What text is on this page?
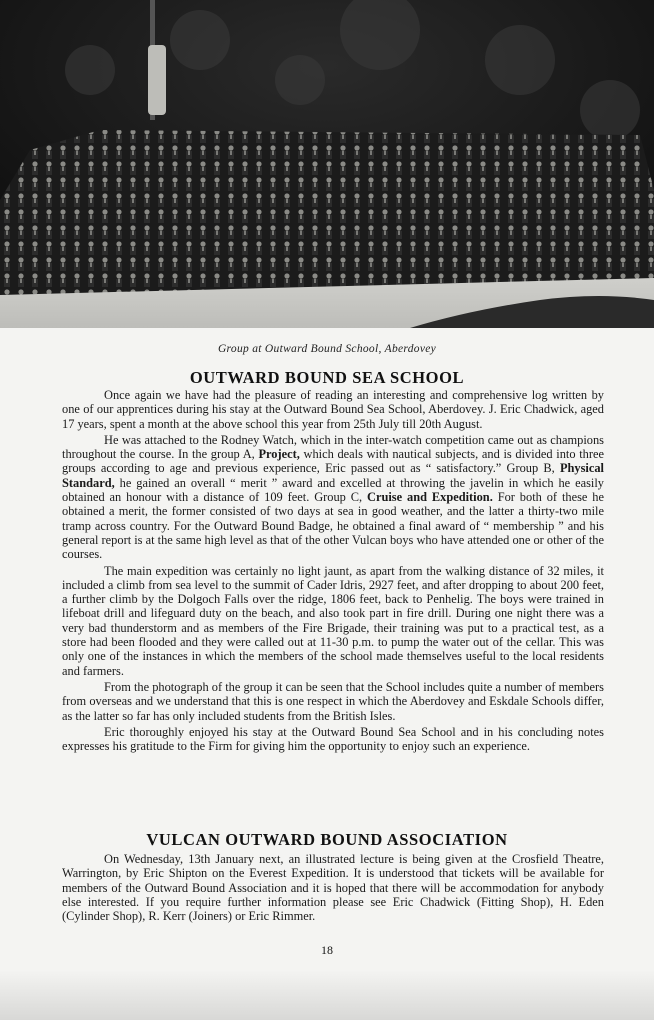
Group at Outward Bound School, Aberdovey
OUTWARD BOUND SEA SCHOOL

Once again we have had the pleasure of reading an interesting and comprehensive log written by one of our apprentices during his stay at the Outward Bound Sea School, Aberdovey. J. Eric Chadwick, aged 17 years, spent a month at the above school this year from 25th July till 20th August.

He was attached to the Rodney Watch, which in the inter-watch competition came out as champions throughout the course. In the group A, Project, which deals with nautical subjects, and is divided into three groups according to age and previous experience, Eric passed out as “ satisfactory.” Group B, Physical Standard, he gained an overall “ merit ” award and excelled at throwing the javelin in which he easily obtained an honour with a distance of 109 feet. Group C, Cruise and Expedition. For both of these he obtained a merit, the former consisted of two days at sea in good weather, and the latter a thirty-two mile tramp across country. For the Outward Bound Badge, he obtained a final award of “ membership ” and his general report is at the same high level as that of the other Vulcan boys who have attended one or other of the courses.

The main expedition was certainly no light jaunt, as apart from the walking distance of 32 miles, it included a climb from sea level to the summit of Cader Idris, 2927 feet, and after dropping to about 200 feet, a further climb by the Dolgoch Falls over the ridge, 1806 feet, back to Penhelig. The boys were trained in lifeboat drill and lifeguard duty on the beach, and also took part in fire drill. During one night there was a very bad thunderstorm and as members of the Fire Brigade, their training was put to a practical test, as a store had been flooded and they were called out at 11-30 p.m. to pump the water out of the cellar. This was only one of the instances in which the members of the school made themselves useful to the local residents and farmers.

From the photograph of the group it can be seen that the School includes quite a number of members from overseas and we understand that this is one respect in which the Aberdovey and Eskdale Schools differ, as the latter so far has only included students from the British Isles.

Eric thoroughly enjoyed his stay at the Outward Bound Sea School and in his concluding notes expresses his gratitude to the Firm for giving him the opportunity to enjoy such an experience.

VULCAN OUTWARD BOUND ASSOCIATION

On Wednesday, 13th January next, an illustrated lecture is being given at the Crosfield Theatre, Warrington, by Eric Shipton on the Everest Expedition. It is understood that tickets will be available for members of the Outward Bound Association and it is hoped that there will be accommodation for anybody else interested. If you require further information please see Eric Chadwick (Fitting Shop), H. Eden (Cylinder Shop), R. Kerr (Joiners) or Eric Rimmer.

18
